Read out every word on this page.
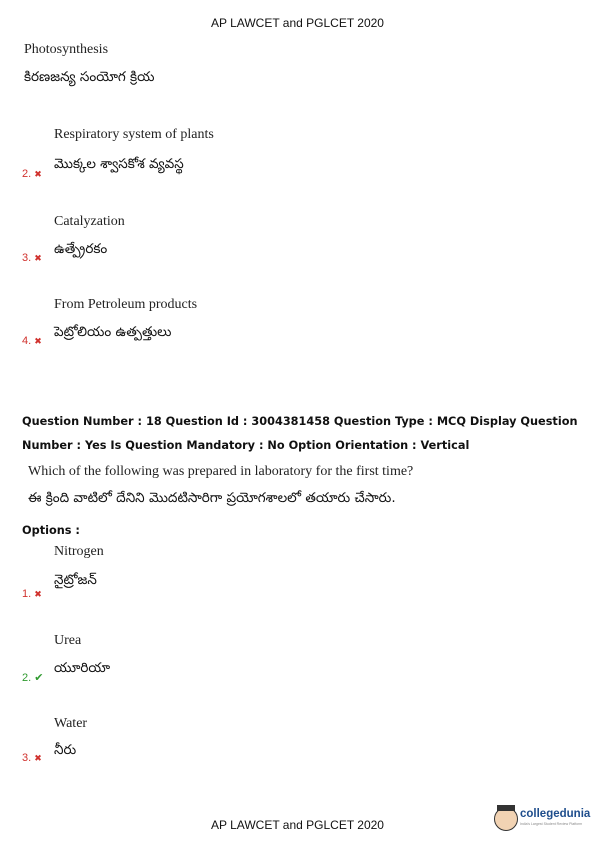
AP LAWCET and PGLCET 2020
Photosynthesis
కిరణజన్య సంయోగ క్రియ
Respiratory system of plants
మొక్కల శ్వాసకోశ వ్యవస్థ
2. ✖
Catalyzation
ఉత్ప్రేరకం
3. ✖
From Petroleum products
పెట్రోలియం ఉత్పత్తులు
4. ✖
Question Number : 18 Question Id : 3004381458 Question Type : MCQ Display Question
Number : Yes Is Question Mandatory : No Option Orientation : Vertical
Which of the following was prepared in laboratory for the first time?
ఈ క్రింది వాటిలో దేనిని మొదటిసారిగా ప్రయోగశాలలో తయారు చేసారు.
Options :
Nitrogen
నైట్రోజన్
1. ✖
Urea
యూరియా
2. ✔
Water
నీరు
3. ✖
AP LAWCET and PGLCET 2020
collegedunia
India's Largest Student Review Platform
